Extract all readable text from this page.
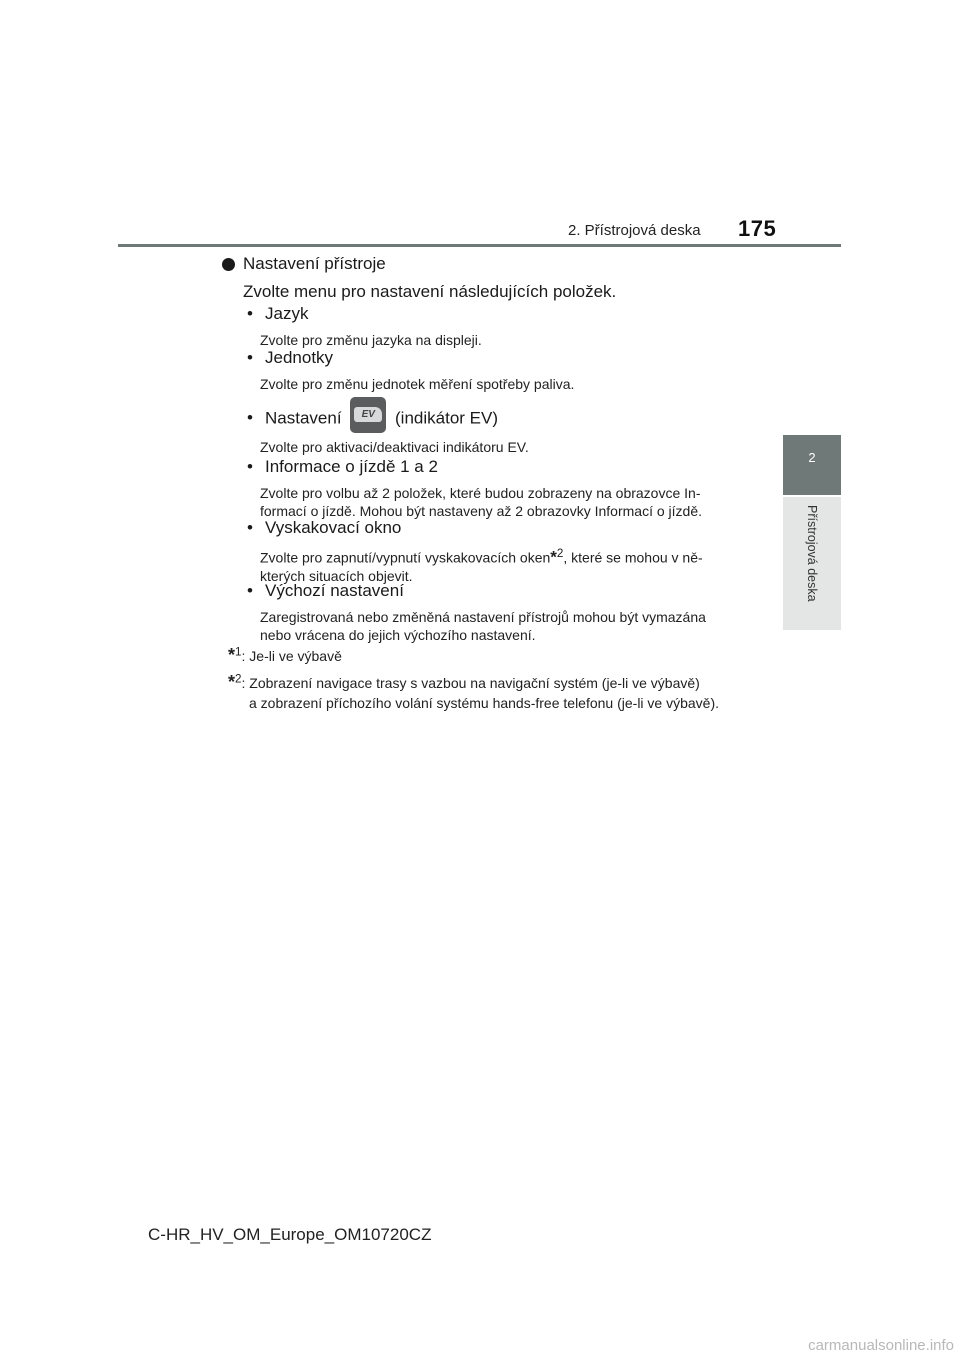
2. Přístrojová deska 175
2
Přístrojová deska
Nastavení přístroje
Zvolte menu pro nastavení následujících položek.
• Jazyk
Zvolte pro změnu jazyka na displeji.
• Jednotky
Zvolte pro změnu jednotek měření spotřeby paliva.
• Nastavení	EV	(indikátor EV)
Zvolte pro aktivaci/deaktivaci indikátoru EV.
• Informace o jízdě 1 a 2
Zvolte pro volbu až 2 položek, které budou zobrazeny na obrazovce In-
formací o jízdě. Mohou být nastaveny až 2 obrazovky Informací o jízdě.
• Vyskakovací okno
Zvolte pro zapnutí/vypnutí vyskakovacích oken*$^2$, které se mohou v ně-
kterých situacích objevit.
• Výchozí nastavení
Zaregistrovaná nebo změněná nastavení přístrojů mohou být vymazána
nebo vrácena do jejich výchozího nastavení.
*$^1$: Je-li ve výbavě
*$^2$: Zobrazení navigace trasy s vazbou na navigační systém (je-li ve výbavě)
a zobrazení příchozího volání systému hands-free telefonu (je-li ve výbavě).
C-HR_HV_OM_Europe_OM10720CZ
carmanualsonline.info
